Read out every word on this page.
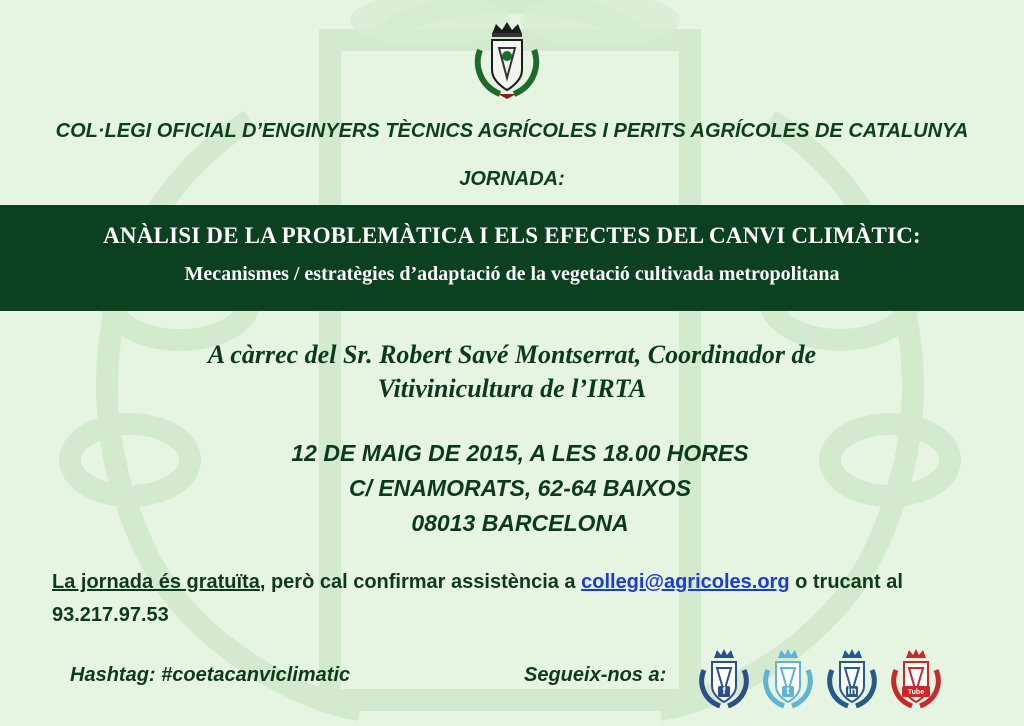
COL·LEGI OFICIAL D’ENGINYERS TÈCNICS AGRÍCOLES I PERITS AGRÍCOLES DE CATALUNYA
JORNADA:
ANÀLISI DE LA PROBLEMÀTICA I ELS EFECTES DEL CANVI CLIMÀTIC:
Mecanismes / estratègies d’adaptació de la vegetació cultivada metropolitana
A càrrec del Sr. Robert Savé Montserrat, Coordinador de
Vitivinicultura de l’IRTA
12 DE MAIG DE 2015, A LES 18.00 HORES
C/ ENAMORATS, 62-64 BAIXOS
08013 BARCELONA
La jornada és gratuïta, però cal confirmar assistència a collegi@agricoles.org o trucant al 93.217.97.53
Hashtag: #coetacanviclimatic	Segueix-nos a:
f	t	in	Tube
